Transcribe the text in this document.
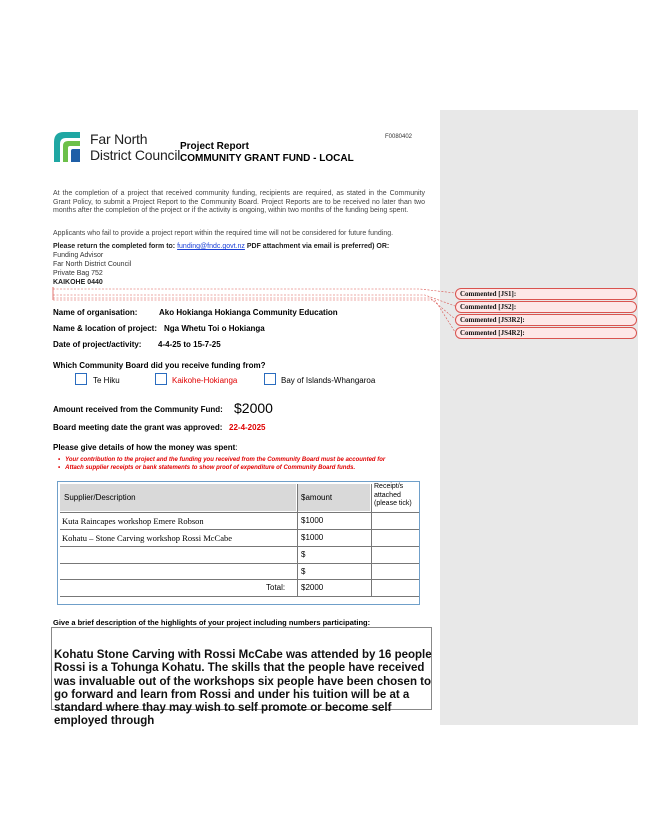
Far North
District Council
F0080402
Project Report
COMMUNITY GRANT FUND - LOCAL
At the completion of a project that received community funding, recipients are required, as stated in the Community Grant Policy, to submit a Project Report to the Community Board. Project Reports are to be received no later than two months after the completion of the project or if the activity is ongoing, within two months of the funding being spent.
Applicants who fail to provide a project report within the required time will not be considered for future funding.
Please return the completed form to: funding@fndc.govt.nz PDF attachment via email is preferred) OR:
Funding Advisor
Far North District Council
Private Bag 752
KAIKOHE 0440
Commented [JS1]:
Commented [JS2]:
Commented [JS3R2]:
Commented [JS4R2]:
Name of organisation:	Ako Hokianga Hokianga Community Education
Name & location of project: Nga Whetu Toi o Hokianga
Date of project/activity: 4-4-25 to 15-7-25
Which Community Board did you receive funding from?
Te Hiku	Kaikohe-Hokianga	Bay of Islands-Whangaroa
Amount received from the Community Fund: $2000
Board meeting date the grant was approved: 22-4-2025
Please give details of how the money was spent:
•   Your contribution to the project and the funding you received from the Community Board must be accounted for
•   Attach supplier receipts or bank statements to show proof of expenditure of Community Board funds.
Supplier/Description	$amount
Receipt/s
attached
(please tick)
Kuta Raincapes workshop Emere Robson	$1000
Kohatu – Stone Carving workshop Rossi McCabe	$1000
$
$
Total: $2000
Give a brief description of the highlights of your project including numbers participating:
Kohatu Stone Carving with Rossi McCabe was attended by 16 people Rossi is a Tohunga Kohatu. The skills that the people have received was invaluable out of the workshops six people have been chosen to go forward and learn from Rossi and under his tuition will be at a standard where thay may wish to self promote or become self employed through
